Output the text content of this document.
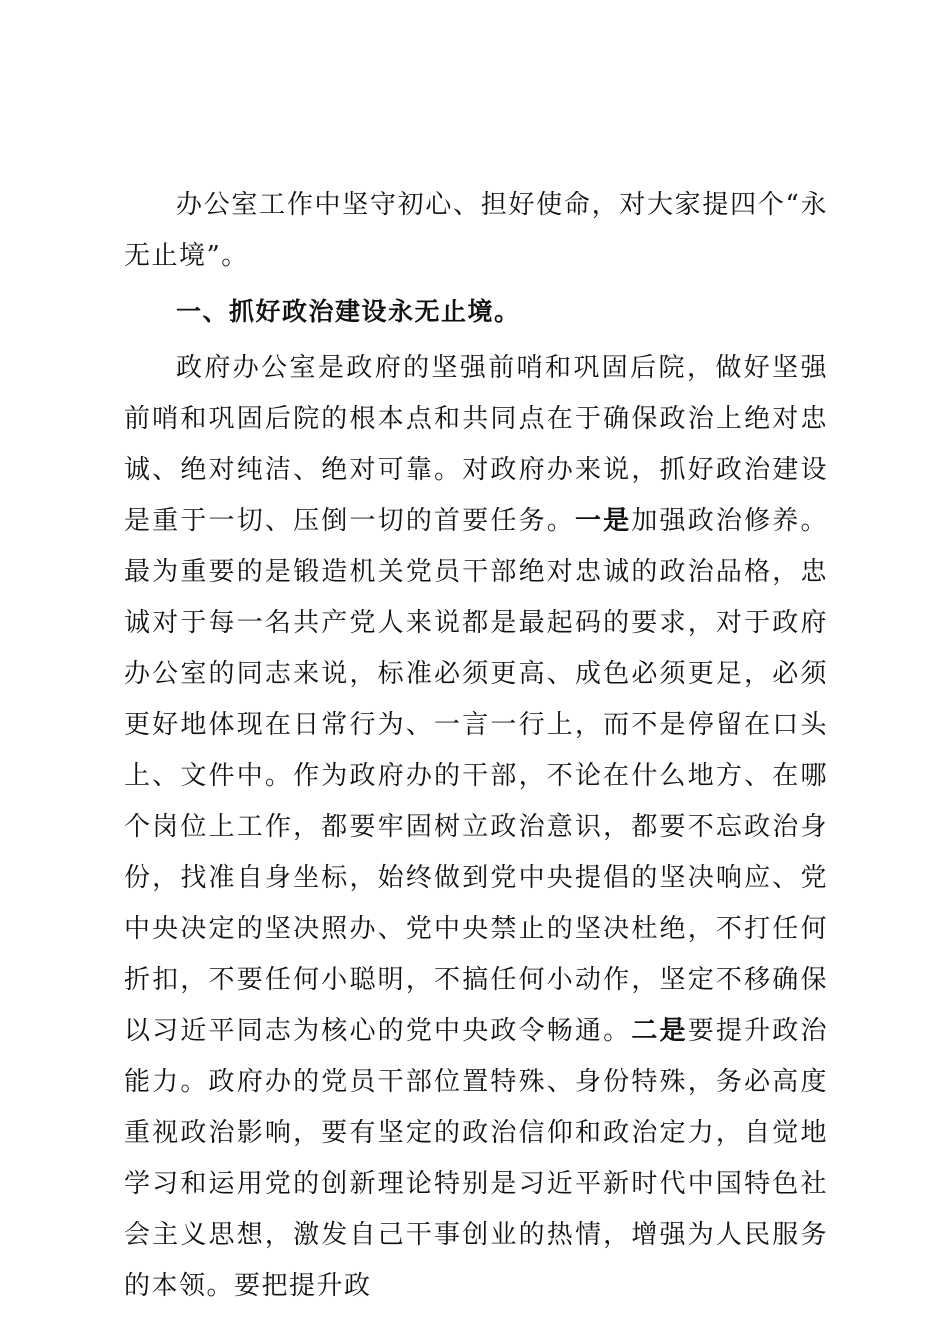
办公室工作中坚守初心、担好使命，对大家提四个“永无止境”。

一、抓好政治建设永无止境。

政府办公室是政府的坚强前哨和巩固后院，做好坚强前哨和巩固后院的根本点和共同点在于确保政治上绝对忠诚、绝对纯洁、绝对可靠。对政府办来说，抓好政治建设是重于一切、压倒一切的首要任务。一是加强政治修养。最为重要的是锻造机关党员干部绝对忠诚的政治品格，忠诚对于每一名共产党人来说都是最起码的要求，对于政府办公室的同志来说，标准必须更高、成色必须更足，必须更好地体现在日常行为、一言一行上，而不是停留在口头上、文件中。作为政府办的干部，不论在什么地方、在哪个岗位上工作，都要牢固树立政治意识，都要不忘政治身份，找准自身坐标，始终做到党中央提倡的坚决响应、党中央决定的坚决照办、党中央禁止的坚决杜绝，不打任何折扣，不要任何小聪明，不搞任何小动作，坚定不移确保以习近平同志为核心的党中央政令畅通。二是要提升政治能力。政府办的党员干部位置特殊、身份特殊，务必高度重视政治影响，要有坚定的政治信仰和政治定力，自觉地学习和运用党的创新理论特别是习近平新时代中国特色社会主义思想，激发自己干事创业的热情，增强为人民服务的本领。要把提升政
